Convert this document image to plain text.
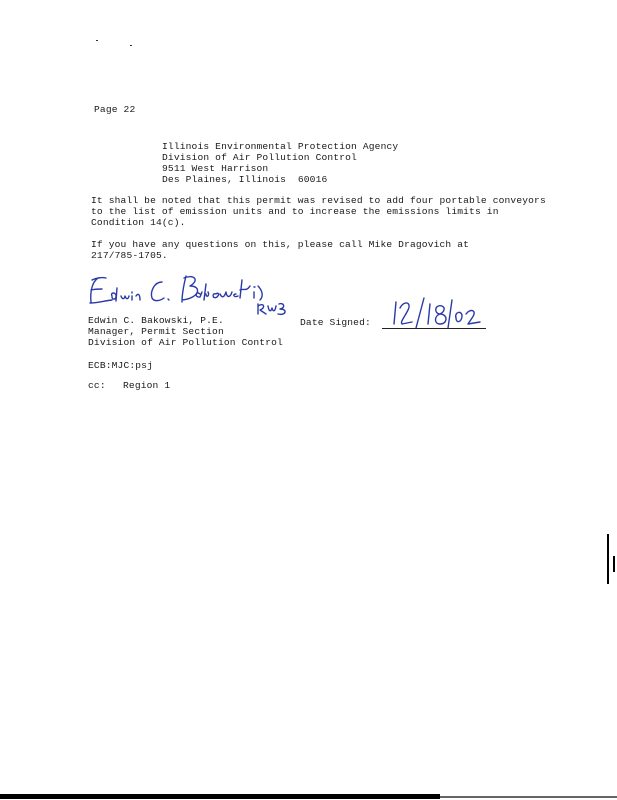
Page 22
Illinois Environmental Protection Agency
Division of Air Pollution Control
9511 West Harrison
Des Plaines, Illinois  60016
It shall be noted that this permit was revised to add four portable conveyors
to the list of emission units and to increase the emissions limits in
Condition 14(c).
If you have any questions on this, please call Mike Dragovich at
217/785-1705.
Date Signed:
Edwin C. Bakowski, P.E.
Manager, Permit Section
Division of Air Pollution Control
ECB:MJC:psj
cc: Region 1
